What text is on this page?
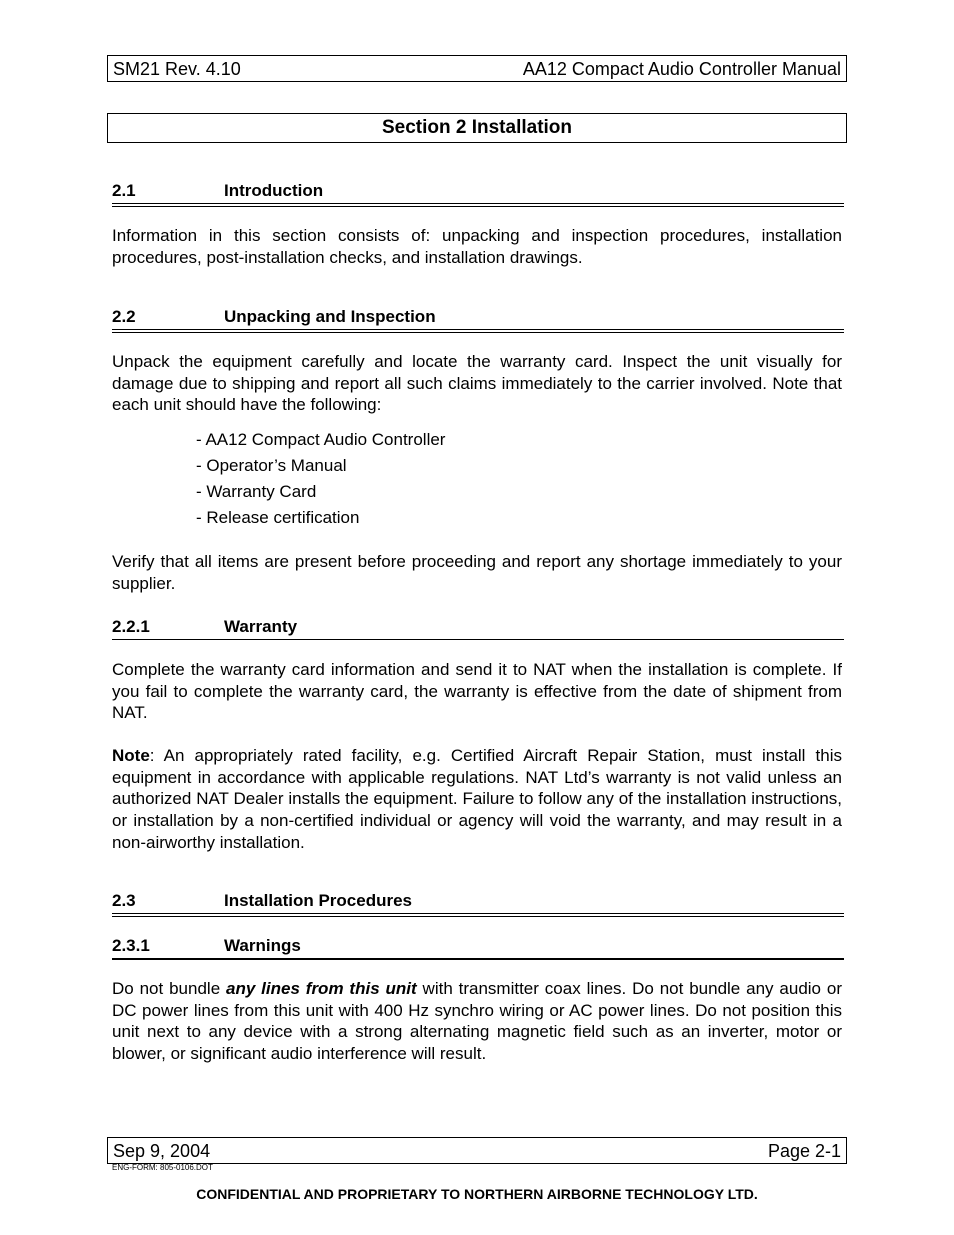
SM21 Rev. 4.10	AA12 Compact Audio Controller Manual
Section 2 Installation
2.1	Introduction
Information in this section consists of: unpacking and inspection procedures, installation procedures, post-installation checks, and installation drawings.
2.2	Unpacking and Inspection
Unpack the equipment carefully and locate the warranty card. Inspect the unit visually for damage due to shipping and report all such claims immediately to the carrier involved. Note that each unit should have the following:
- AA12 Compact Audio Controller
- Operator’s Manual
- Warranty Card
- Release certification
Verify that all items are present before proceeding and report any shortage immediately to your supplier.
2.2.1	Warranty
Complete the warranty card information and send it to NAT when the installation is complete. If you fail to complete the warranty card, the warranty is effective from the date of shipment from NAT.
Note: An appropriately rated facility, e.g. Certified Aircraft Repair Station, must install this equipment in accordance with applicable regulations. NAT Ltd’s warranty is not valid unless an authorized NAT Dealer installs the equipment. Failure to follow any of the installation instructions, or installation by a non-certified individual or agency will void the warranty, and may result in a non-airworthy installation.
2.3	Installation Procedures
2.3.1	Warnings
Do not bundle any lines from this unit with transmitter coax lines. Do not bundle any audio or DC power lines from this unit with 400 Hz synchro wiring or AC power lines. Do not position this unit next to any device with a strong alternating magnetic field such as an inverter, motor or blower, or significant audio interference will result.
Sep 9, 2004	Page 2-1
ENG-FORM: 805-0106.DOT
CONFIDENTIAL AND PROPRIETARY TO NORTHERN AIRBORNE TECHNOLOGY LTD.
